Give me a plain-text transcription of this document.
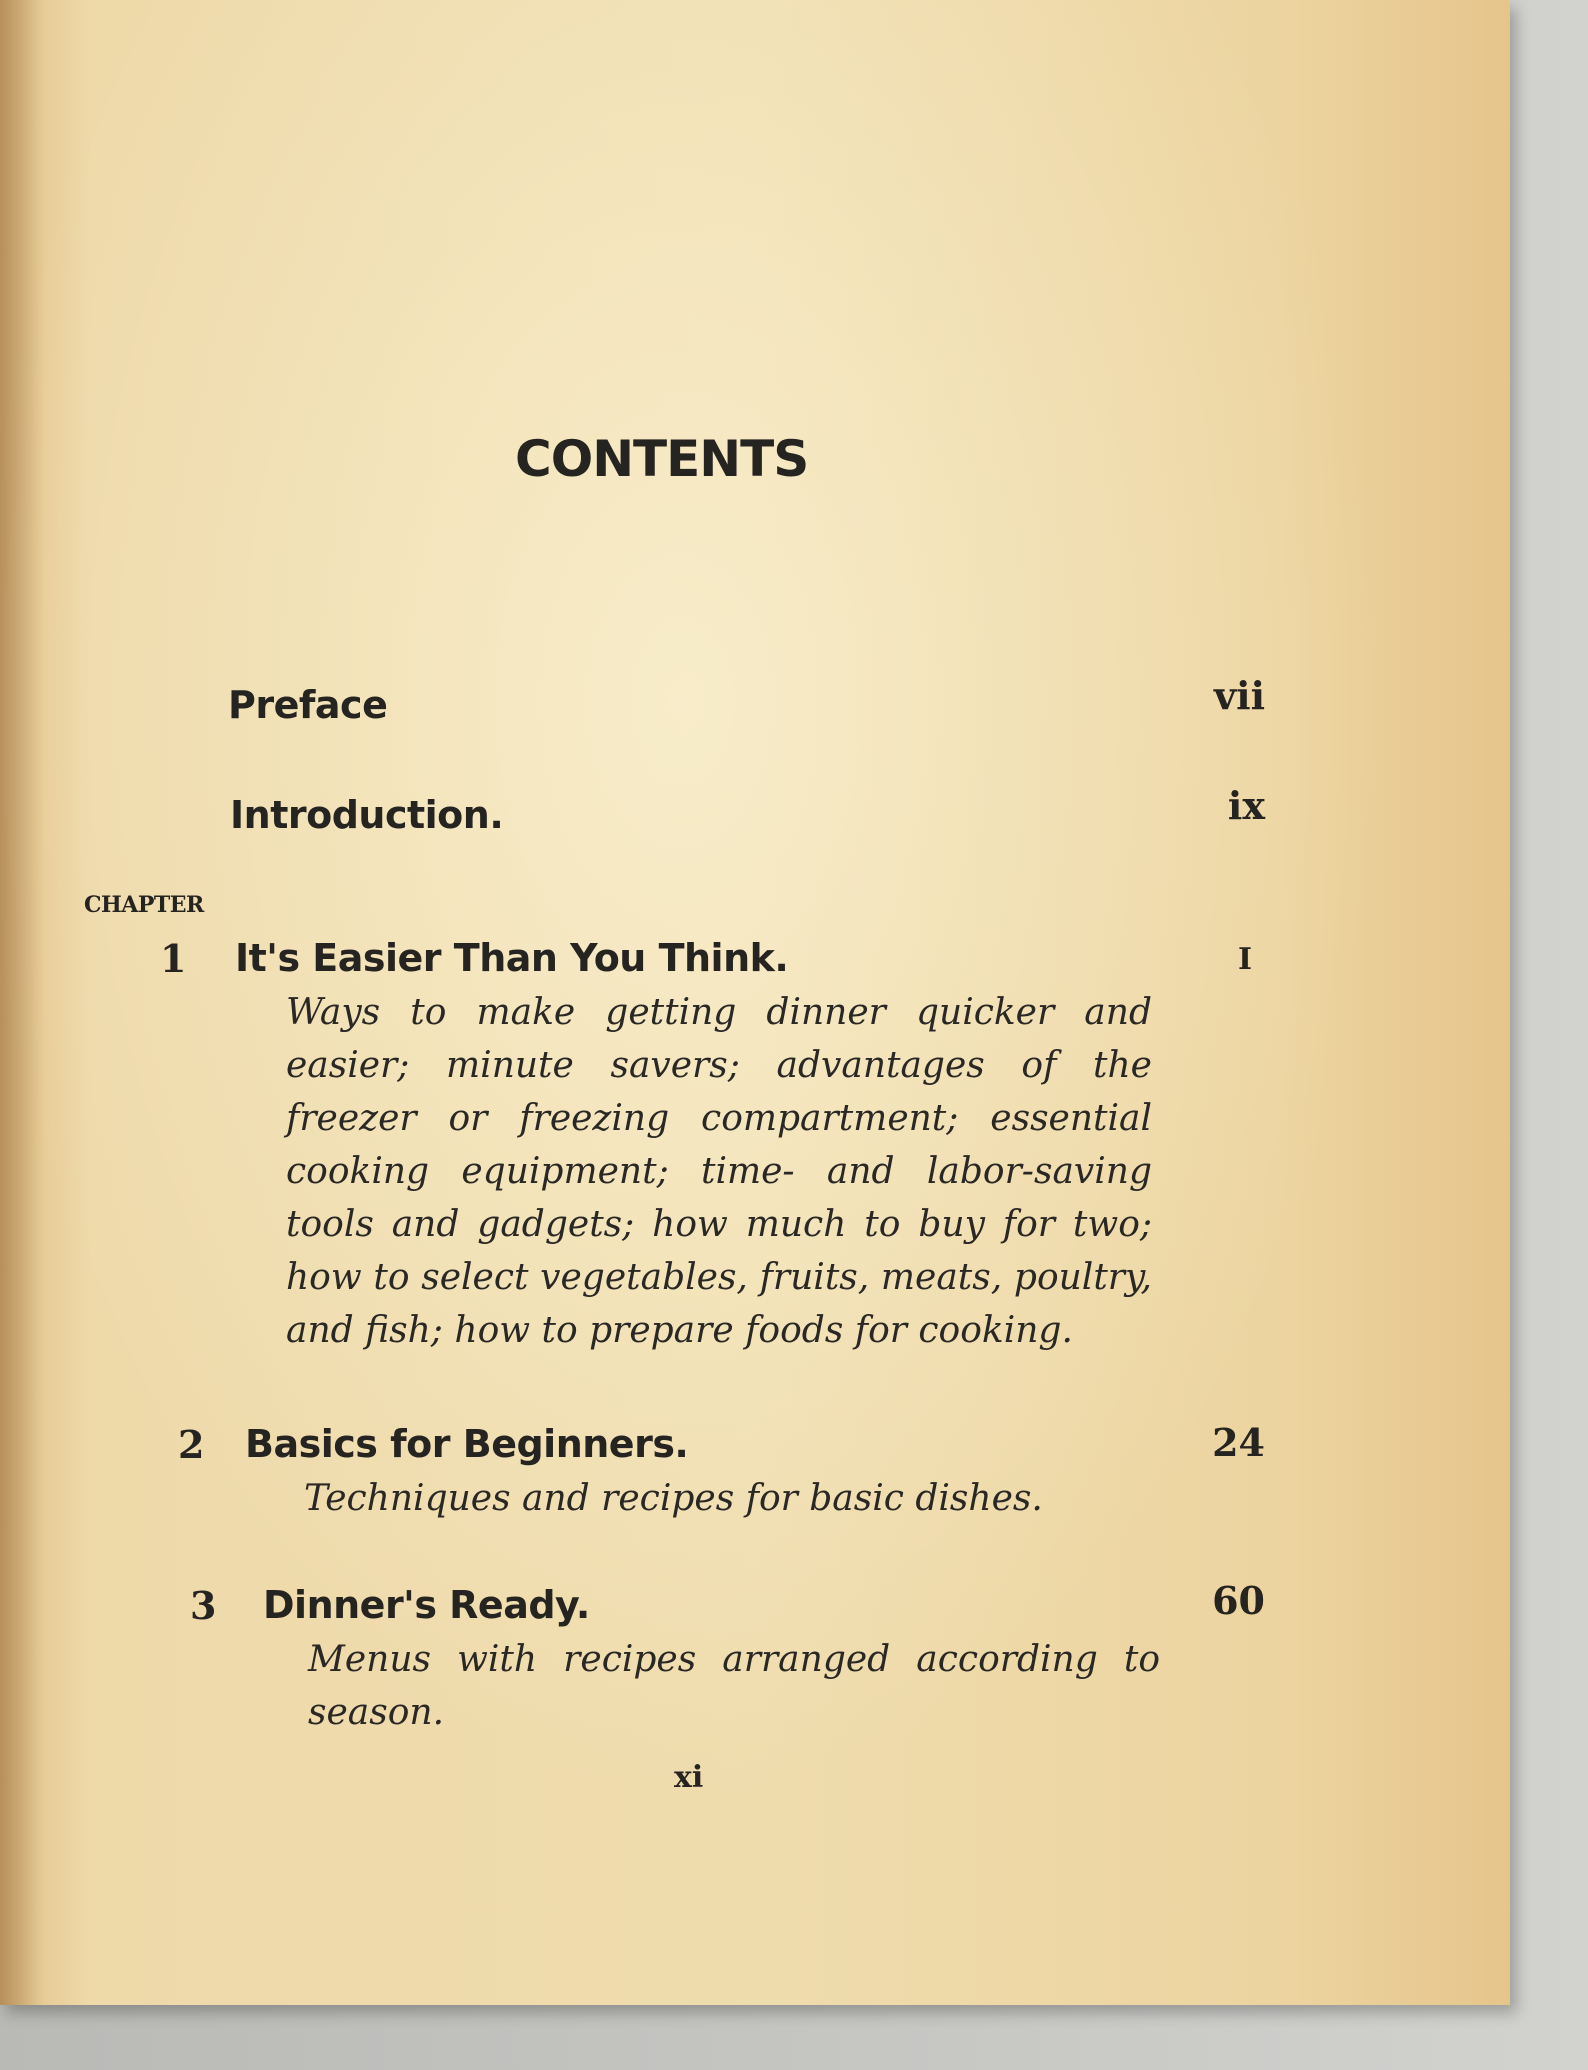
CONTENTS
Preface	vii
Introduction.	ix
CHAPTER
1 It's Easier Than You Think.	I
Ways to make getting dinner quicker and easier; minute savers; advantages of the freezer or freezing compartment; essential cooking equipment; time- and labor-saving tools and gadgets; how much to buy for two; how to select vegetables, fruits, meats, poultry, and fish; how to prepare foods for cooking.
2 Basics for Beginners.	24
Techniques and recipes for basic dishes.
3 Dinner's Ready.	60
Menus with recipes arranged according to season.
xi
